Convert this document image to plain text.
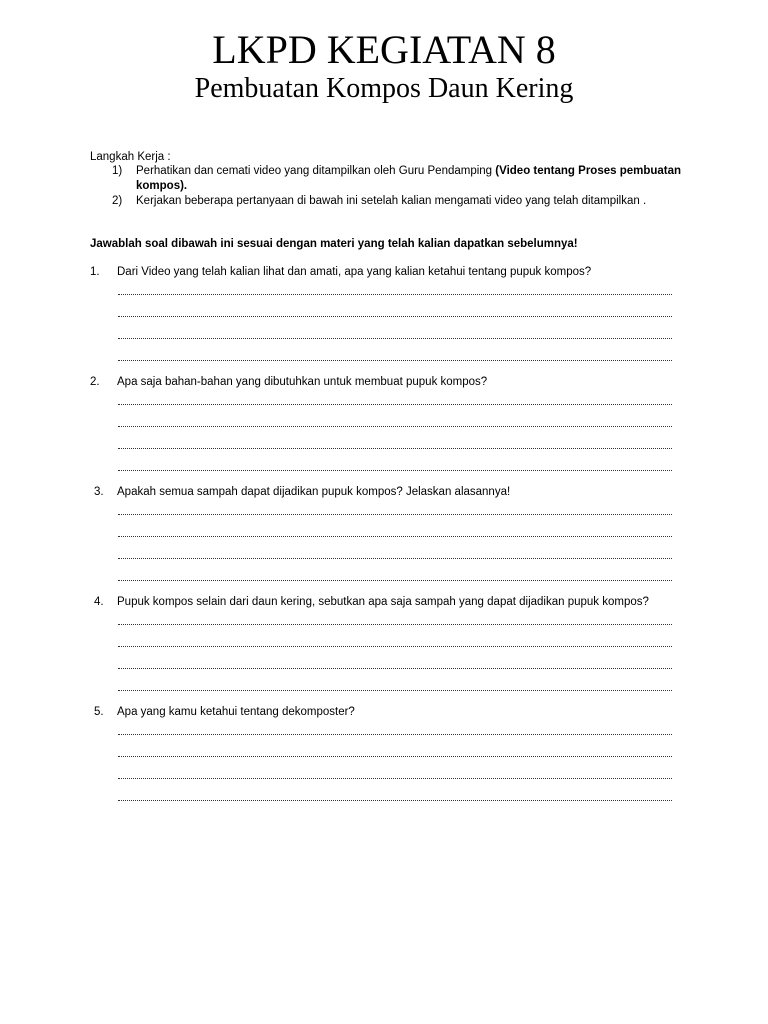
LKPD KEGIATAN 8
Pembuatan Kompos Daun Kering
Langkah Kerja :
1) Perhatikan dan cemati video yang ditampilkan oleh Guru Pendamping (Video tentang Proses pembuatan kompos).
2) Kerjakan beberapa pertanyaan di bawah ini setelah kalian mengamati video yang telah ditampilkan .
Jawablah soal dibawah ini sesuai dengan materi yang telah kalian dapatkan sebelumnya!
1. Dari Video yang telah kalian lihat dan amati, apa yang kalian ketahui tentang pupuk kompos?
2. Apa saja bahan-bahan yang dibutuhkan untuk membuat pupuk kompos?
3. Apakah semua sampah dapat dijadikan pupuk kompos? Jelaskan alasannya!
4. Pupuk kompos selain dari daun kering, sebutkan apa saja sampah yang dapat dijadikan pupuk kompos?
5. Apa yang kamu ketahui tentang dekomposter?
